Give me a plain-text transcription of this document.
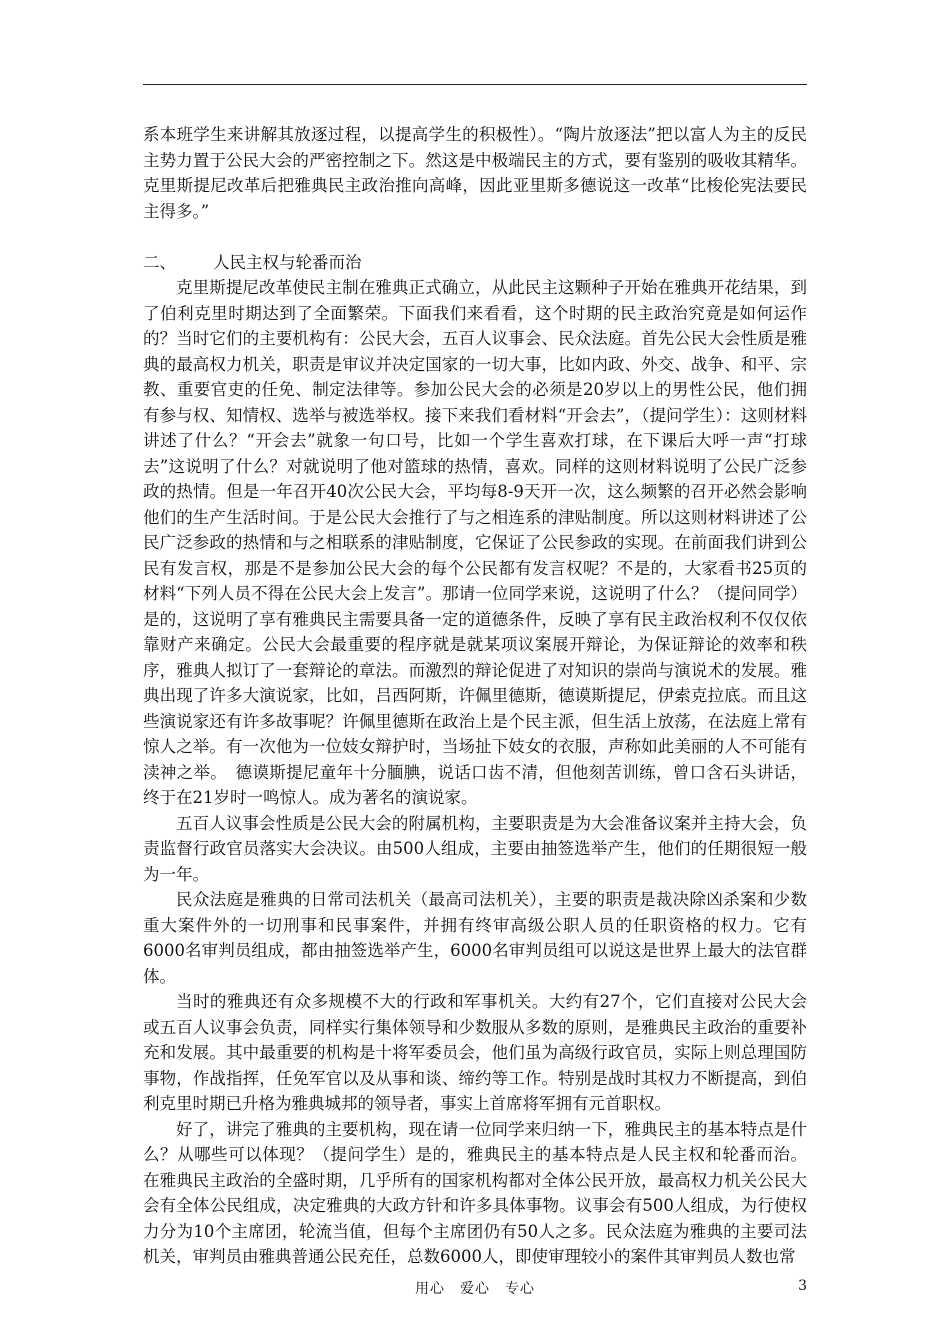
系本班学生来讲解其放逐过程，以提高学生的积极性）。“陶片放逐法”把以富人为主的反民主势力置于公民大会的严密控制之下。然这是中极端民主的方式，要有鉴别的吸收其精华。克里斯提尼改革后把雅典民主政治推向高峰，因此亚里斯多德说这一改革“比梭伦宪法要民主得多。”

二、 人民主权与轮番而治

克里斯提尼改革使民主制在雅典正式确立，从此民主这颗种子开始在雅典开花结果，到了伯利克里时期达到了全面繁荣。下面我们来看看，这个时期的民主政治究竟是如何运作的？当时它们的主要机构有：公民大会，五百人议事会、民众法庭。首先公民大会性质是雅典的最高权力机关，职责是审议并决定国家的一切大事，比如内政、外交、战争、和平、宗教、重要官吏的任免、制定法律等。参加公民大会的必须是20岁以上的男性公民，他们拥有参与权、知情权、选举与被选举权。接下来我们看材料“开会去”，（提问学生）：这则材料讲述了什么？“开会去”就象一句口号，比如一个学生喜欢打球，在下课后大呼一声“打球去”这说明了什么？对就说明了他对篮球的热情，喜欢。同样的这则材料说明了公民广泛参政的热情。但是一年召开40次公民大会，平均每8-9天开一次，这么频繁的召开必然会影响他们的生产生活时间。于是公民大会推行了与之相连系的津贴制度。所以这则材料讲述了公民广泛参政的热情和与之相联系的津贴制度，它保证了公民参政的实现。在前面我们讲到公民有发言权，那是不是参加公民大会的每个公民都有发言权呢？不是的，大家看书25页的材料“下列人员不得在公民大会上发言”。那请一位同学来说，这说明了什么？（提问同学）是的，这说明了享有雅典民主需要具备一定的道德条件，反映了享有民主政治权利不仅仅依靠财产来确定。公民大会最重要的程序就是就某项议案展开辩论，为保证辩论的效率和秩序，雅典人拟订了一套辩论的章法。而激烈的辩论促进了对知识的崇尚与演说术的发展。雅典出现了许多大演说家，比如，吕西阿斯，许佩里德斯，德谟斯提尼，伊索克拉底。而且这些演说家还有许多故事呢？许佩里德斯在政治上是个民主派，但生活上放荡，在法庭上常有惊人之举。有一次他为一位妓女辩护时，当场扯下妓女的衣服，声称如此美丽的人不可能有渎神之举。　德谟斯提尼童年十分腼腆，说话口齿不清，但他刻苦训练，曾口含石头讲话，终于在21岁时一鸣惊人。成为著名的演说家。

五百人议事会性质是公民大会的附属机构，主要职责是为大会准备议案并主持大会，负责监督行政官员落实大会决议。由500人组成，主要由抽签选举产生，他们的任期很短一般为一年。

民众法庭是雅典的日常司法机关（最高司法机关），主要的职责是裁决除凶杀案和少数重大案件外的一切刑事和民事案件，并拥有终审高级公职人员的任职资格的权力。它有6000名审判员组成，都由抽签选举产生，6000名审判员组可以说这是世界上最大的法官群体。

当时的雅典还有众多规模不大的行政和军事机关。大约有27个，它们直接对公民大会或五百人议事会负责，同样实行集体领导和少数服从多数的原则，是雅典民主政治的重要补充和发展。其中最重要的机构是十将军委员会，他们虽为高级行政官员，实际上则总理国防事物，作战指挥，任免军官以及从事和谈、缔约等工作。特别是战时其权力不断提高，到伯利克里时期已升格为雅典城邦的领导者，事实上首席将军拥有元首职权。

好了，讲完了雅典的主要机构，现在请一位同学来归纳一下，雅典民主的基本特点是什么？从哪些可以体现？（提问学生）是的，雅典民主的基本特点是人民主权和轮番而治。 在雅典民主政治的全盛时期，几乎所有的国家机构都对全体公民开放，最高权力机关公民大会有全体公民组成，决定雅典的大政方针和许多具体事物。议事会有500人组成，为行使权力分为10个主席团，轮流当值，但每个主席团仍有50人之多。民众法庭为雅典的主要司法机关，审判员由雅典普通公民充任，总数6000人，即使审理较小的案件其审判员人数也常

用心　爱心　专心	3
